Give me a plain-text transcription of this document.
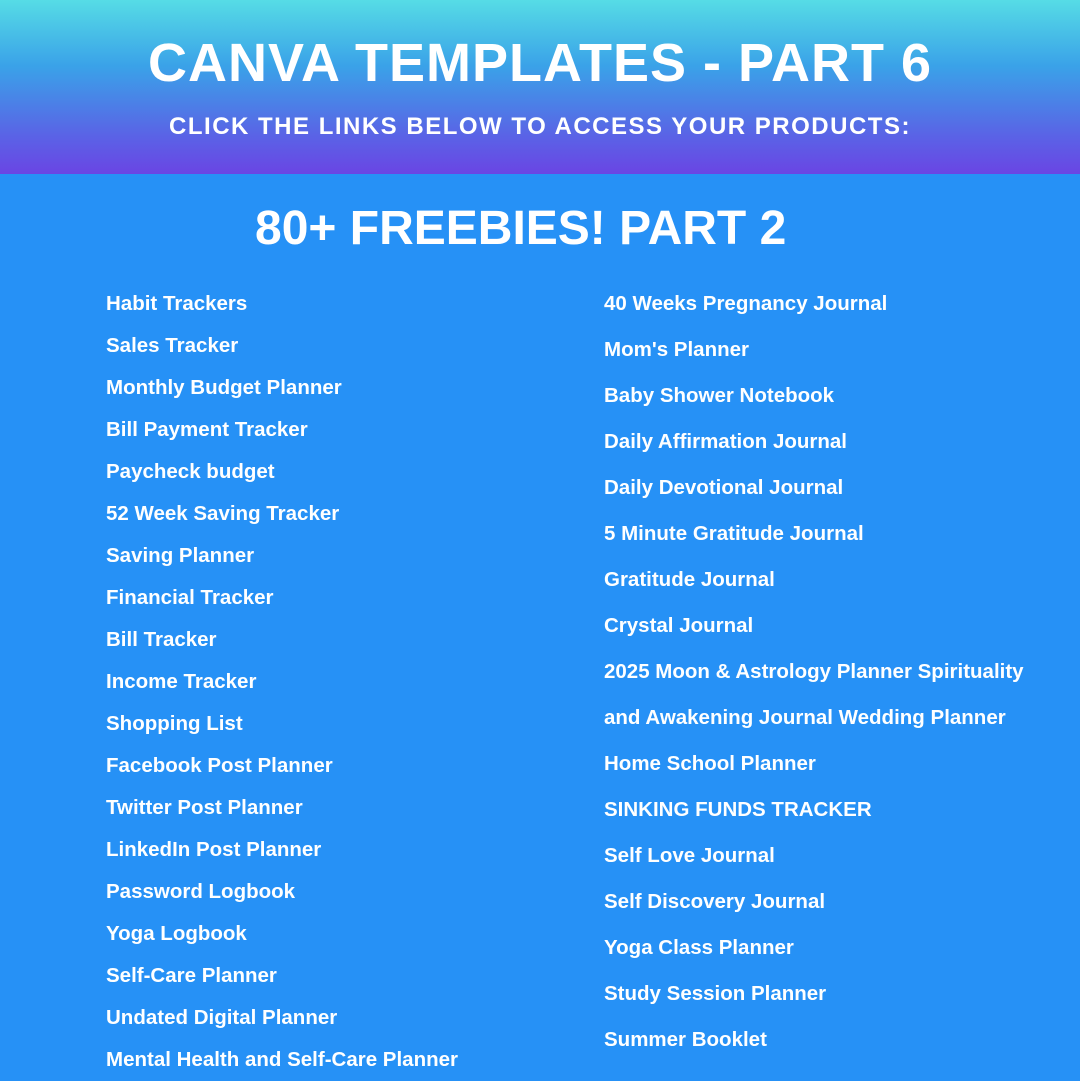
CANVA TEMPLATES - PART 6
CLICK THE LINKS BELOW TO ACCESS YOUR PRODUCTS:
80+ FREEBIES! PART 2
Habit Trackers
Sales Tracker
Monthly Budget Planner
Bill Payment Tracker
Paycheck budget
52 Week Saving Tracker
Saving Planner
Financial Tracker
Bill Tracker
Income Tracker
Shopping List
Facebook Post Planner
Twitter Post Planner
LinkedIn Post Planner
Password Logbook
Yoga Logbook
Self-Care Planner
Undated Digital Planner
Mental Health and Self-Care Planner
40 Weeks Pregnancy Journal
Mom's Planner
Baby Shower Notebook
Daily Affirmation Journal
Daily Devotional Journal
5 Minute Gratitude Journal
Gratitude Journal
Crystal Journal
2025 Moon & Astrology Planner Spirituality
and Awakening Journal Wedding Planner
Home School Planner
SINKING FUNDS TRACKER
Self Love Journal
Self Discovery Journal
Yoga Class Planner
Study Session Planner
Summer Booklet
